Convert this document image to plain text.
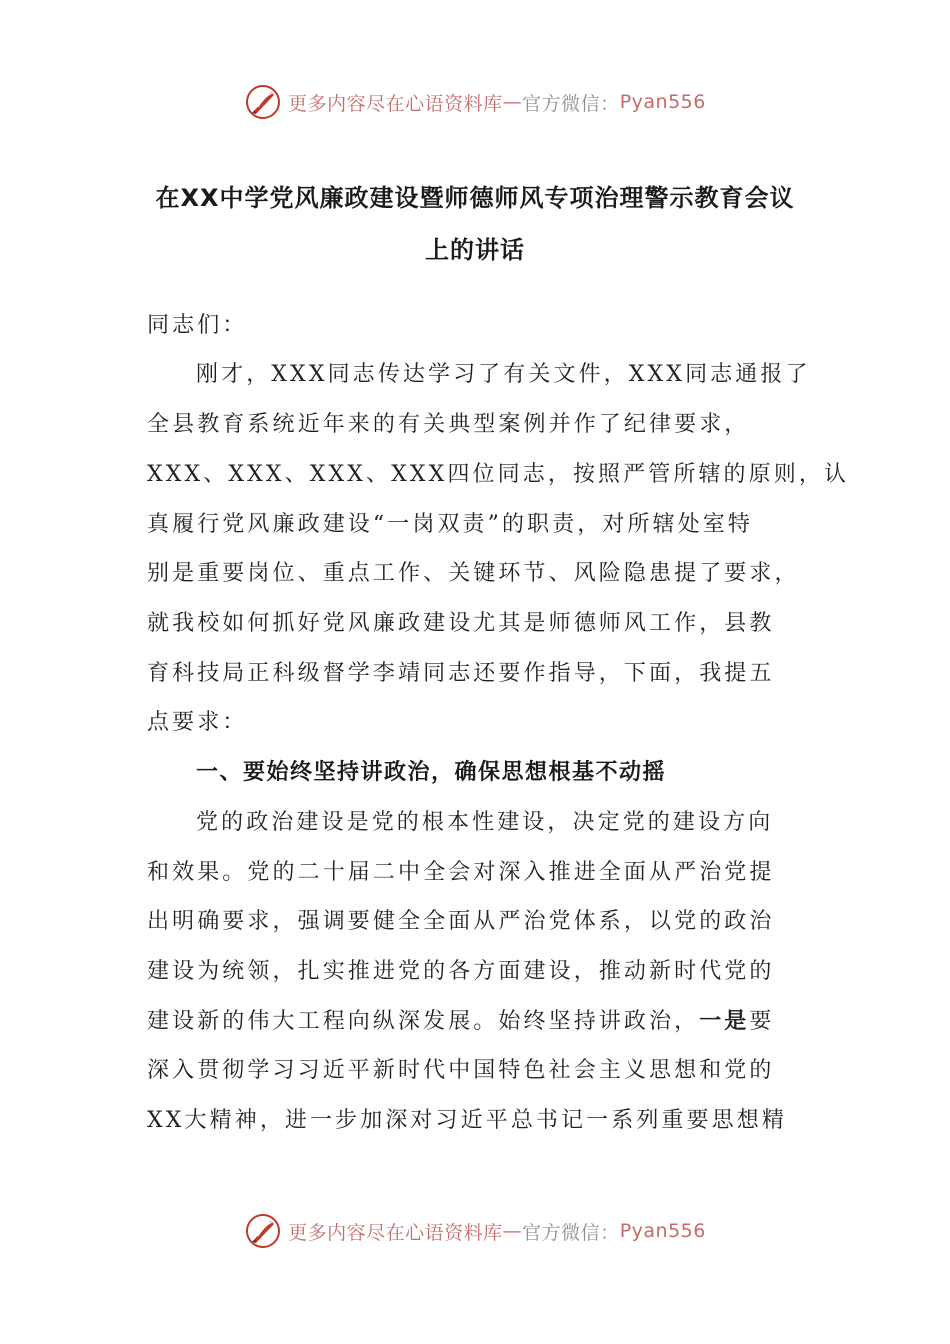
更多内容尽在心语资料库 — 官方微信： Pyan556
在XX中学党风廉政建设暨师德师风专项治理警示教育会议
上的讲话
同志们：
刚才，XXX同志传达学习了有关文件，XXX同志通报了
全县教育系统近年来的有关典型案例并作了纪律要求，
XXX、XXX、XXX、XXX四位同志，按照严管所辖的原则，认
真履行党风廉政建设“一岗双责”的职责，对所辖处室特
别是重要岗位、重点工作、关键环节、风险隐患提了要求，
就我校如何抓好党风廉政建设尤其是师德师风工作，县教
育科技局正科级督学李靖同志还要作指导，下面，我提五
点要求：
一、要始终坚持讲政治，确保思想根基不动摇
党的政治建设是党的根本性建设，决定党的建设方向
和效果。党的二十届二中全会对深入推进全面从严治党提
出明确要求，强调要健全全面从严治党体系，以党的政治
建设为统领，扎实推进党的各方面建设，推动新时代党的
建设新的伟大工程向纵深发展。始终坚持讲政治，一是要
深入贯彻学习习近平新时代中国特色社会主义思想和党的
XX大精神，进一步加深对习近平总书记一系列重要思想精
更多内容尽在心语资料库 — 官方微信： Pyan556
